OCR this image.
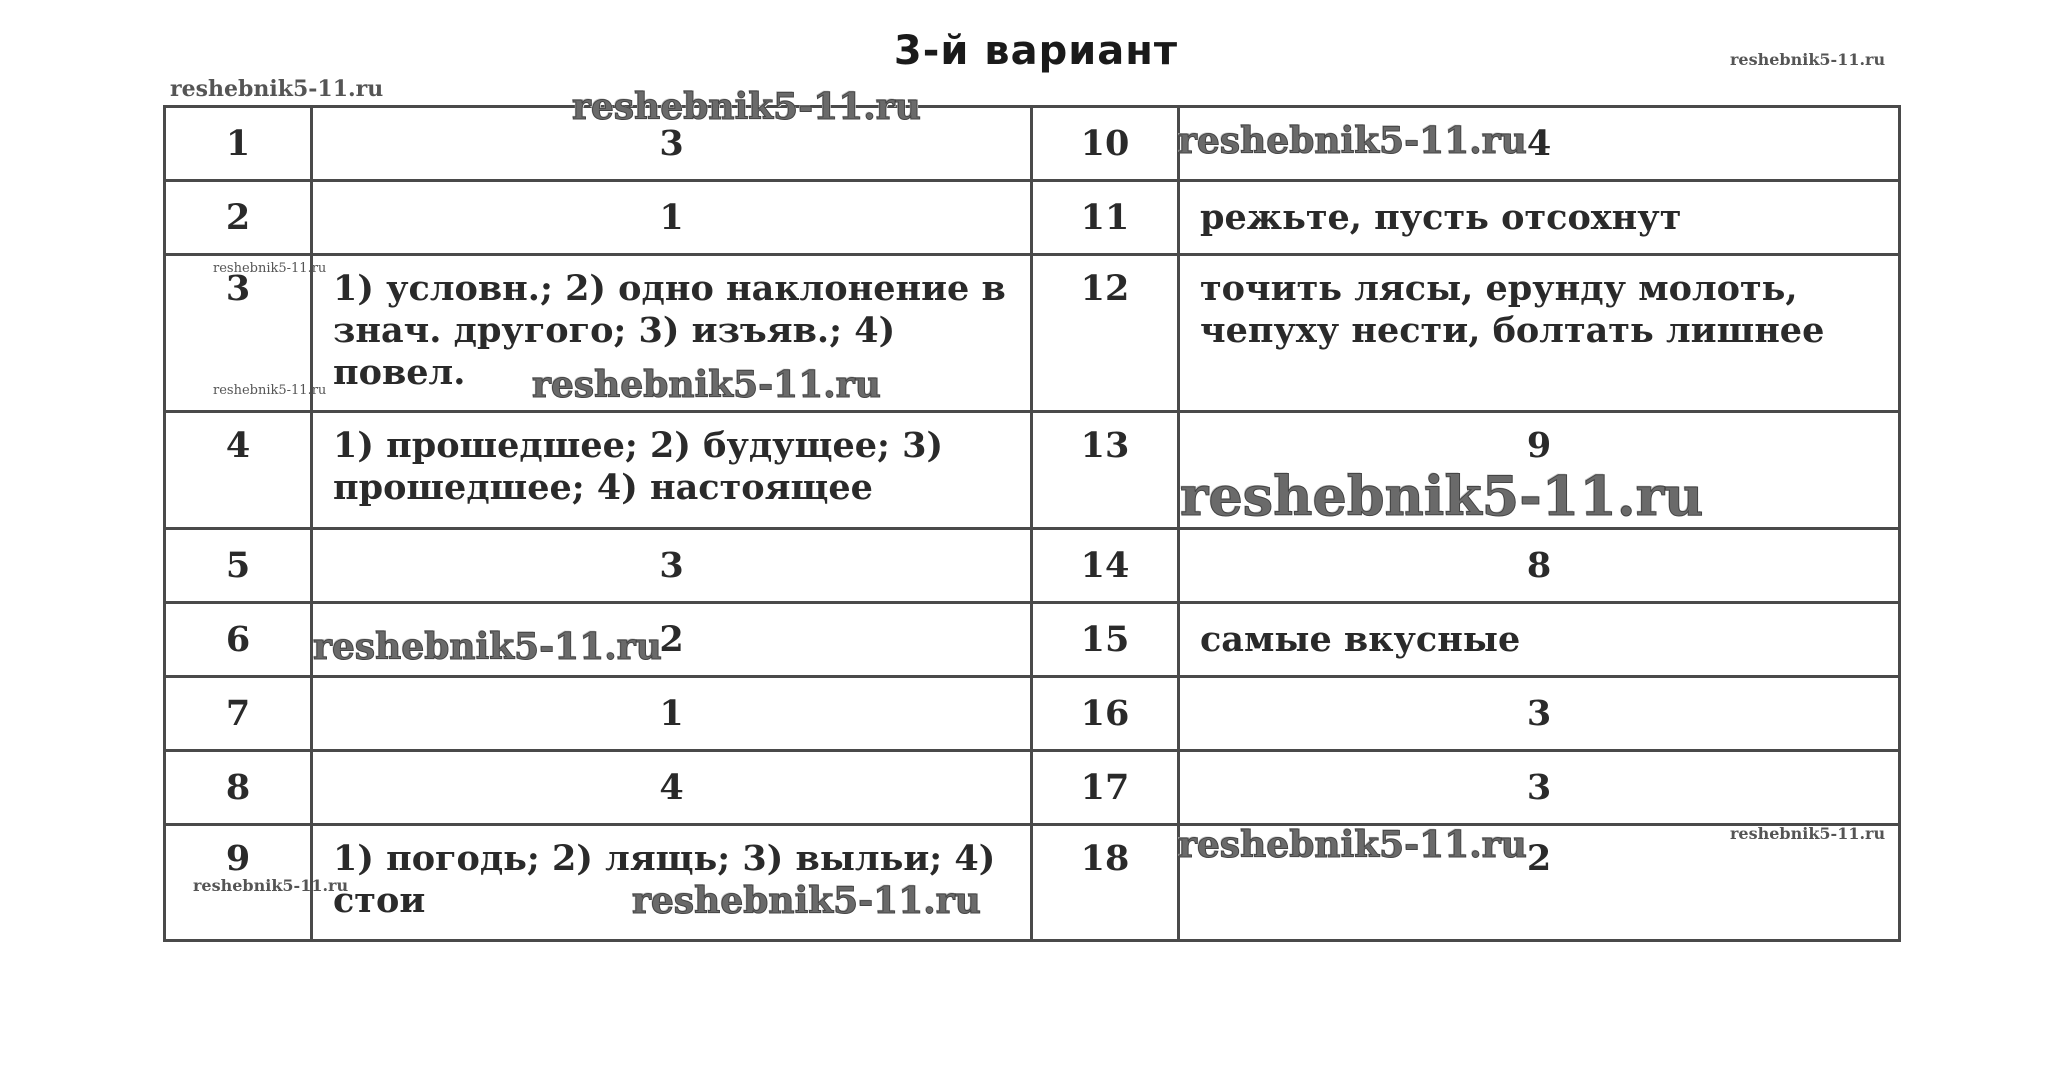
3-й вариант
1	3	10	4
2	1	11	режьте, пусть отсохнут
3	1) условн.; 2) одно наклонение в знач. другого; 3) изъяв.; 4) повел.	12	точить лясы, ерунду молоть, чепуху нести, болтать лишнее
4	1) прошедшее; 2) будущее; 3) прошедшее; 4) настоящее	13	9
5	3	14	8
6	2	15	самые вкусные
7	1	16	3
8	4	17	3
9	1) погодь; 2) лящь; 3) выльи; 4) стои	18	2
reshebnik5-11.ru
reshebnik5-11.ru
reshebnik5-11.ru
reshebnik5-11.ru
reshebnik5-11.ru
reshebnik5-11.ru	reshebnik5-11.ru
reshebnik5-11.ru
reshebnik5-11.ru
reshebnik5-11.ru	reshebnik5-11.ru
reshebnik5-11.ru	reshebnik5-11.ru
